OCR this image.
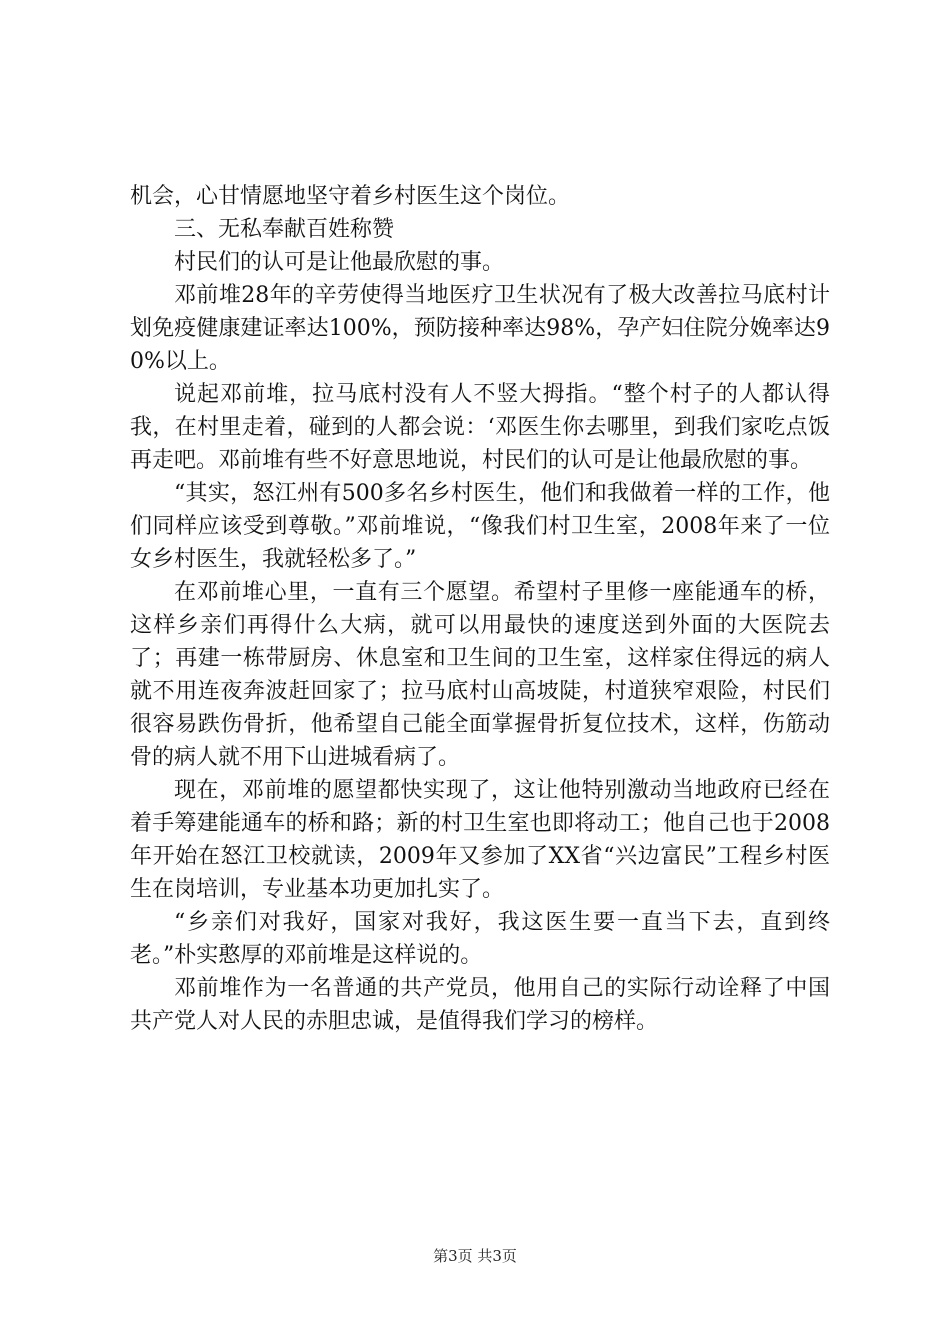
机会，心甘情愿地坚守着乡村医生这个岗位。

三、无私奉献百姓称赞

村民们的认可是让他最欣慰的事。

邓前堆28年的辛劳使得当地医疗卫生状况有了极大改善拉马底村计划免疫健康建证率达100%，预防接种率达98%，孕产妇住院分娩率达90%以上。

说起邓前堆，拉马底村没有人不竖大拇指。“整个村子的人都认得我，在村里走着，碰到的人都会说：‘邓医生你去哪里，到我们家吃点饭再走吧。邓前堆有些不好意思地说，村民们的认可是让他最欣慰的事。

“其实，怒江州有500多名乡村医生，他们和我做着一样的工作，他们同样应该受到尊敬。”邓前堆说，“像我们村卫生室，2008年来了一位女乡村医生，我就轻松多了。”

在邓前堆心里，一直有三个愿望。希望村子里修一座能通车的桥，这样乡亲们再得什么大病，就可以用最快的速度送到外面的大医院去了；再建一栋带厨房、休息室和卫生间的卫生室，这样家住得远的病人就不用连夜奔波赶回家了；拉马底村山高坡陡，村道狭窄艰险，村民们很容易跌伤骨折，他希望自己能全面掌握骨折复位技术，这样，伤筋动骨的病人就不用下山进城看病了。

现在，邓前堆的愿望都快实现了，这让他特别激动当地政府已经在着手筹建能通车的桥和路；新的村卫生室也即将动工；他自己也于2008年开始在怒江卫校就读，2009年又参加了XX省“兴边富民”工程乡村医生在岗培训，专业基本功更加扎实了。

“乡亲们对我好，国家对我好，我这医生要一直当下去，直到终老。”朴实憨厚的邓前堆是这样说的。

邓前堆作为一名普通的共产党员，他用自己的实际行动诠释了中国共产党人对人民的赤胆忠诚，是值得我们学习的榜样。

第3页 共3页
